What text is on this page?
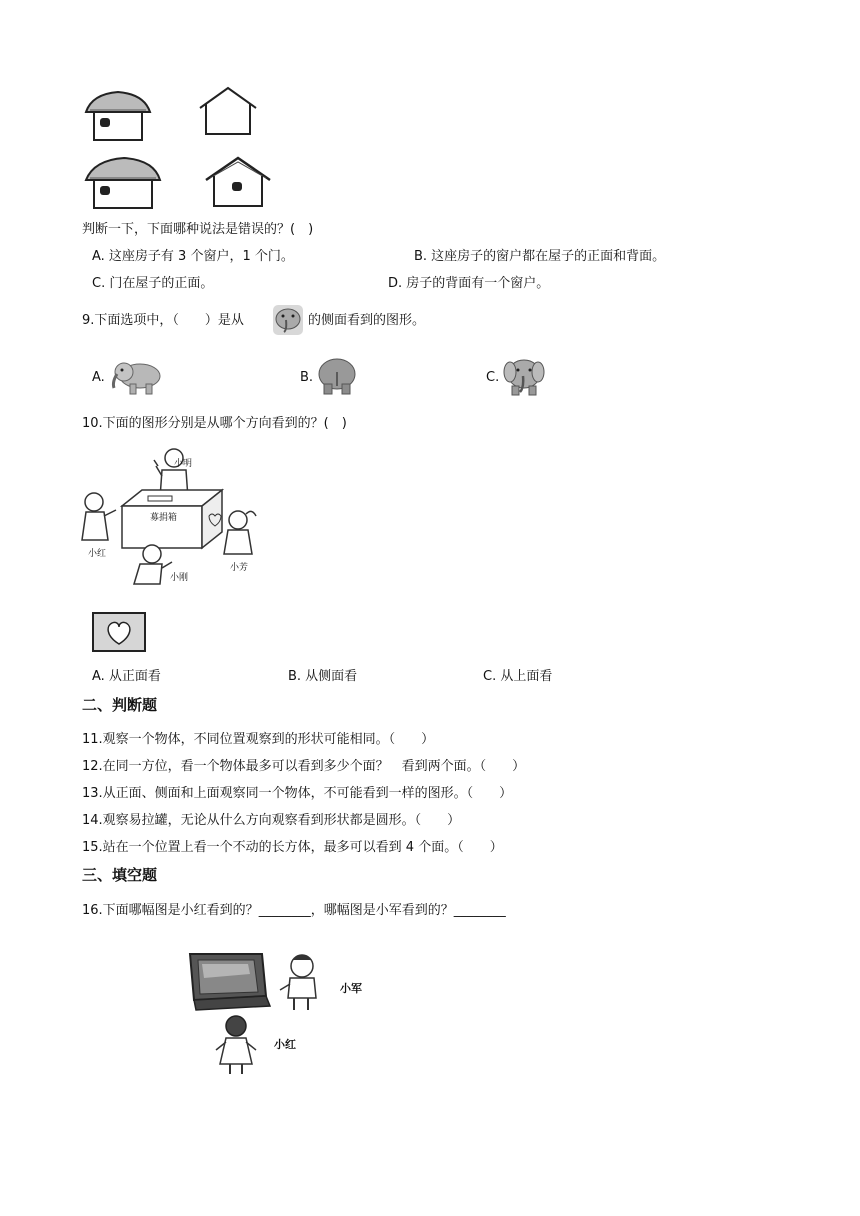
判断一下，下面哪种说法是错误的？(　)
A. 这座房子有 3 个窗户，1 个门。	B. 这座房子的窗户都在屋子的正面和背面。
C. 门在屋子的正面。	D. 房子的背面有一个窗户。
9.下面选项中，（　　）是从	的侧面看到的图形。
A.	B.	C.
10.下面的图形分别是从哪个方向看到的？(　)
小明
募捐箱
小红
小刚
小芳
A. 从正面看	B. 从侧面看	C. 从上面看
二、判断题
11.观察一个物体，不同位置观察到的形状可能相同。（　　）
12.在同一方位，看一个物体最多可以看到多少个面？　看到两个面。（　　）
13.从正面、侧面和上面观察同一个物体，不可能看到一样的图形。（　　）
14.观察易拉罐，无论从什么方向观察看到形状都是圆形。（　　）
15.站在一个位置上看一个不动的长方体，最多可以看到 4 个面。（　　）
三、填空题
16.下面哪幅图是小红看到的？________，哪幅图是小军看到的？________
小军
小红
